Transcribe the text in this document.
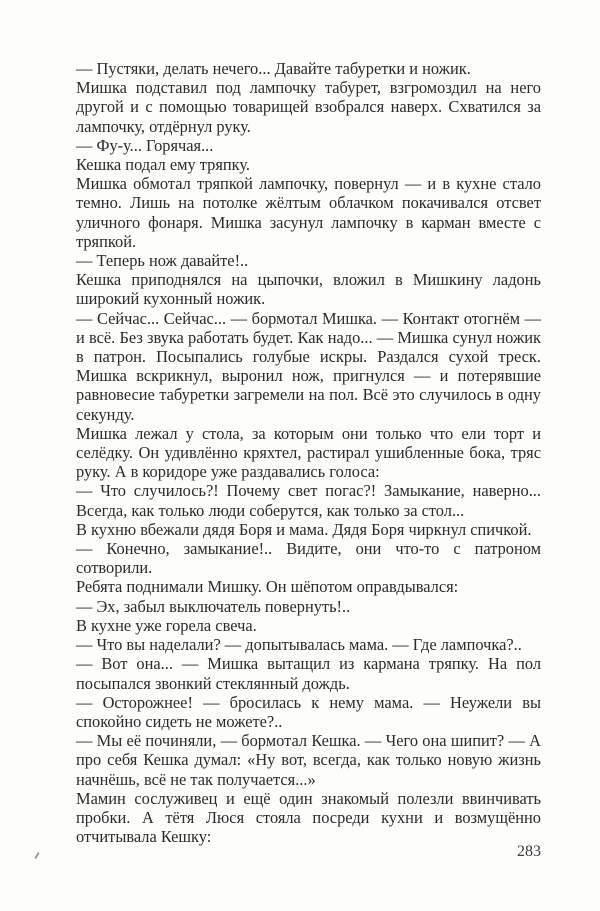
— Пустяки, делать нечего... Давайте табуретки и ножик.

Мишка подставил под лампочку табурет, взгромоздил на него другой и с помощью товарищей взобрался наверх. Схватился за лампочку, отдёрнул руку.

— Фу-у... Горячая...

Кешка подал ему тряпку.

Мишка обмотал тряпкой лампочку, повернул — и в кухне стало темно. Лишь на потолке жёлтым облачком покачивался отсвет уличного фонаря. Мишка засунул лампочку в карман вместе с тряпкой.

— Теперь нож давайте!..

Кешка приподнялся на цыпочки, вложил в Мишкину ладонь широкий кухонный ножик.

— Сейчас... Сейчас... — бормотал Мишка. — Контакт отогнём — и всё. Без звука работать будет. Как надо... — Мишка сунул ножик в патрон. Посыпались голубые искры. Раздался сухой треск. Мишка вскрикнул, выронил нож, пригнулся — и потерявшие равновесие табуретки загремели на пол. Всё это случилось в одну секунду.

Мишка лежал у стола, за которым они только что ели торт и селёдку. Он удивлённо кряхтел, растирал ушибленные бока, тряс руку. А в коридоре уже раздавались голоса:

— Что случилось?! Почему свет погас?! Замыкание, наверно... Всегда, как только люди соберутся, как только за стол...

В кухню вбежали дядя Боря и мама. Дядя Боря чиркнул спичкой.

— Конечно, замыкание!.. Видите, они что-то с патроном сотворили.

Ребята поднимали Мишку. Он шёпотом оправдывался:

— Эх, забыл выключатель повернуть!..

В кухне уже горела свеча.

— Что вы наделали? — допытывалась мама. — Где лампочка?..

— Вот она... — Мишка вытащил из кармана тряпку. На пол посыпался звонкий стеклянный дождь.

— Осторожнее! — бросилась к нему мама. — Неужели вы спокойно сидеть не можете?..

— Мы её починяли, — бормотал Кешка. — Чего она шипит? — А про себя Кешка думал: «Ну вот, всегда, как только новую жизнь начнёшь, всё не так получается...»

Мамин сослуживец и ещё один знакомый полезли ввинчивать пробки. А тётя Люся стояла посреди кухни и возмущённо отчитывала Кешку:

283
